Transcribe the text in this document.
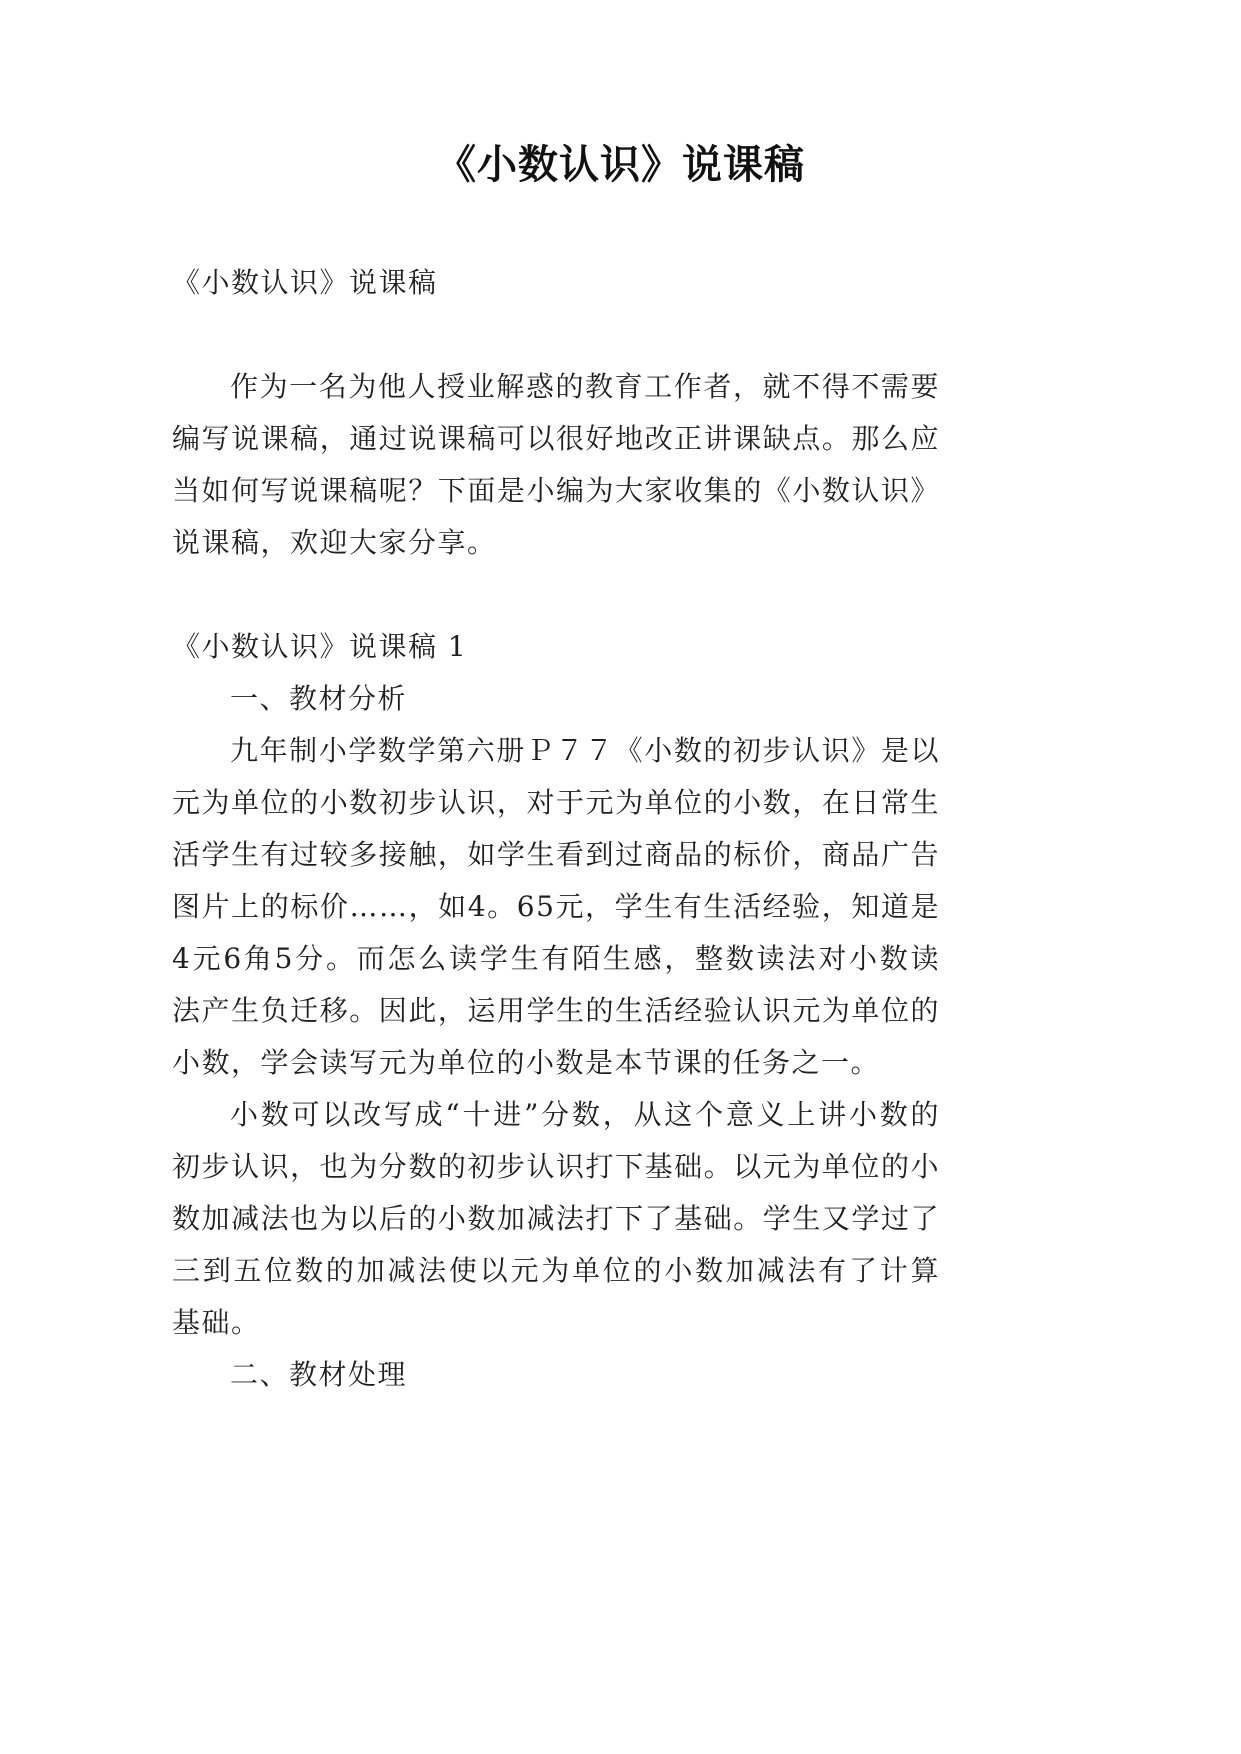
《小数认识》说课稿
《小数认识》说课稿
作为一名为他人授业解惑的教育工作者，就不得不需要
编写说课稿，通过说课稿可以很好地改正讲课缺点。那么应
当如何写说课稿呢？下面是小编为大家收集的《小数认识》
说课稿，欢迎大家分享。
《小数认识》说课稿 1
一、教材分析
九年制小学数学第六册Ｐ７７《小数的初步认识》是以
元为单位的小数初步认识，对于元为单位的小数，在日常生
活学生有过较多接触，如学生看到过商品的标价，商品广告
图片上的标价……，如4。65元，学生有生活经验，知道是
4元6角5分。而怎么读学生有陌生感，整数读法对小数读
法产生负迁移。因此，运用学生的生活经验认识元为单位的
小数，学会读写元为单位的小数是本节课的任务之一。
小数可以改写成“十进”分数，从这个意义上讲小数的
初步认识，也为分数的初步认识打下基础。以元为单位的小
数加减法也为以后的小数加减法打下了基础。学生又学过了
三到五位数的加减法使以元为单位的小数加减法有了计算
基础。
二、教材处理
